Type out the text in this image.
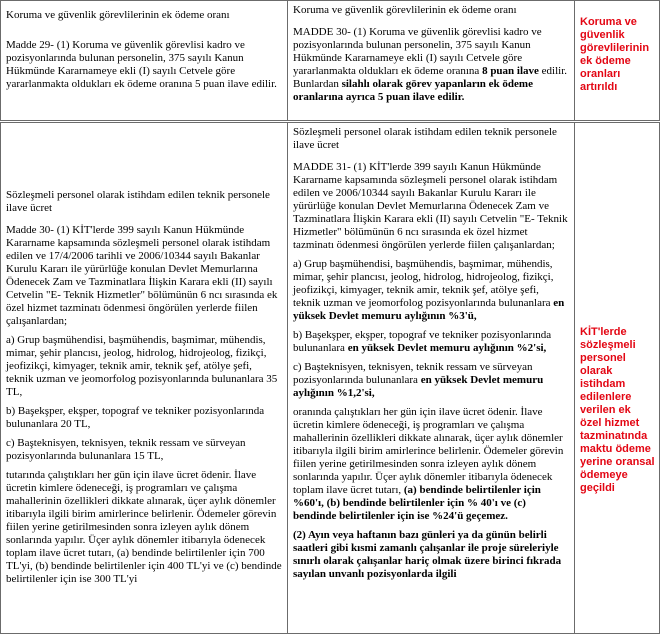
Koruma ve güvenlik görevlilerinin ek ödeme oranı

Madde 29- (1) Koruma ve güvenlik görevlisi kadro ve pozisyonlarında bulunan personelin, 375 sayılı Kanun Hükmünde Kararnameye ekli (I) sayılı Cetvele göre yararlanmakta oldukları ek ödeme oranına 5 puan ilave edilir.

Koruma ve güvenlik görevlilerinin ek ödeme oranı

MADDE 30- (1) Koruma ve güvenlik görevlisi kadro ve pozisyonlarında bulunan personelin, 375 sayılı Kanun Hükmünde Kararnameye ekli (I) sayılı Cetvele göre yararlanmakta oldukları ek ödeme oranına 8 puan ilave edilir. Bunlardan silahlı olarak görev yapanların ek ödeme oranlarına ayrıca 5 puan ilave edilir.

Koruma ve güvenlik görevlilerinin ek ödeme oranları artırıldı

Sözleşmeli personel olarak istihdam edilen teknik personele ilave ücret

Madde 30- (1) KİT'lerde 399 sayılı Kanun Hükmünde Kararname kapsamında sözleşmeli personel olarak istihdam edilen ve 17/4/2006 tarihli ve 2006/10344 sayılı Bakanlar Kurulu Kararı ile yürürlüğe konulan Devlet Memurlarına Ödenecek Zam ve Tazminatlara İlişkin Karara ekli (II) sayılı Cetvelin "E- Teknik Hizmetler" bölümünün 6 ncı sırasında ek özel hizmet tazminatı ödenmesi öngörülen yerlerde fiilen çalışanlardan;

a) Grup başmühendisi, başmühendis, başmimar, mühendis, mimar, şehir plancısı, jeolog, hidrolog, hidrojeolog, fizikçi, jeofizikçi, kimyager, teknik amir, teknik şef, atölye şefi, teknik uzman ve jeomorfolog pozisyonlarında bulunanlara 35 TL,

b) Başekşper, ekşper, topograf ve tekniker pozisyonlarında bulunanlara 20 TL,

c) Başteknisyen, teknisyen, teknik ressam ve sürveyan pozisyonlarında bulunanlara 15 TL,

tutarında çalıştıkları her gün için ilave ücret ödenir. İlave ücretin kimlere ödeneceği, iş programları ve çalışma mahallerinin özellikleri dikkate alınarak, üçer aylık dönemler itibarıyla ilgili birim amirlerince belirlenir. Ödemeler görevin fiilen yerine getirilmesinden sonra izleyen aylık dönem sonlarında yapılır. Üçer aylık dönemler itibarıyla ödenecek toplam ilave ücret tutarı, (a) bendinde belirtilenler için 700 TL'yi, (b) bendinde belirtilenler için 400 TL'yi ve (c) bendinde belirtilenler için ise 300 TL'yi

Sözleşmeli personel olarak istihdam edilen teknik personele ilave ücret

MADDE 31- (1) KİT'lerde 399 sayılı Kanun Hükmünde Kararname kapsamında sözleşmeli personel olarak istihdam edilen ve 2006/10344 sayılı Bakanlar Kurulu Kararı ile yürürlüğe konulan Devlet Memurlarına Ödenecek Zam ve Tazminatlara İlişkin Karara ekli (II) sayılı Cetvelin "E- Teknik Hizmetler" bölümünün 6 ncı sırasında ek özel hizmet tazminatı ödenmesi öngörülen yerlerde fiilen çalışanlardan;

a) Grup başmühendisi, başmühendis, başmimar, mühendis, mimar, şehir plancısı, jeolog, hidrolog, hidrojeolog, fizikçi, jeofizikçi, kimyager, teknik amir, teknik şef, atölye şefi, teknik uzman ve jeomorfolog pozisyonlarında bulunanlara en yüksek Devlet memuru aylığının %3'ü,

b) Başekşper, ekşper, topograf ve tekniker pozisyonlarında bulunanlara en yüksek Devlet memuru aylığının %2'si,

c) Başteknisyen, teknisyen, teknik ressam ve sürveyan pozisyonlarında bulunanlara en yüksek Devlet memuru aylığının %1,2'si,

oranında çalıştıkları her gün için ilave ücret ödenir. İlave ücretin kimlere ödeneceği, iş programları ve çalışma mahallerinin özellikleri dikkate alınarak, üçer aylık dönemler itibarıyla ilgili birim amirlerince belirlenir. Ödemeler görevin fiilen yerine getirilmesinden sonra izleyen aylık dönem sonlarında yapılır. Üçer aylık dönemler itibarıyla ödenecek toplam ilave ücret tutarı, (a) bendinde belirtilenler için %60'ı, (b) bendinde belirtilenler için % 40'ı ve (c) bendinde belirtilenler için ise %24'ü geçemez.

(2) Ayın veya haftanın bazı günleri ya da günün belirli saatleri gibi kısmi zamanlı çalışanlar ile proje süreleriyle sınırlı olarak çalışanlar hariç olmak üzere birinci fıkrada sayılan unvanlı pozisyonlarda ilgili

KİT'lerde sözleşmeli personel olarak istihdam edilenlere verilen ek özel hizmet tazminatında maktu ödeme yerine oransal ödemeye geçildi
